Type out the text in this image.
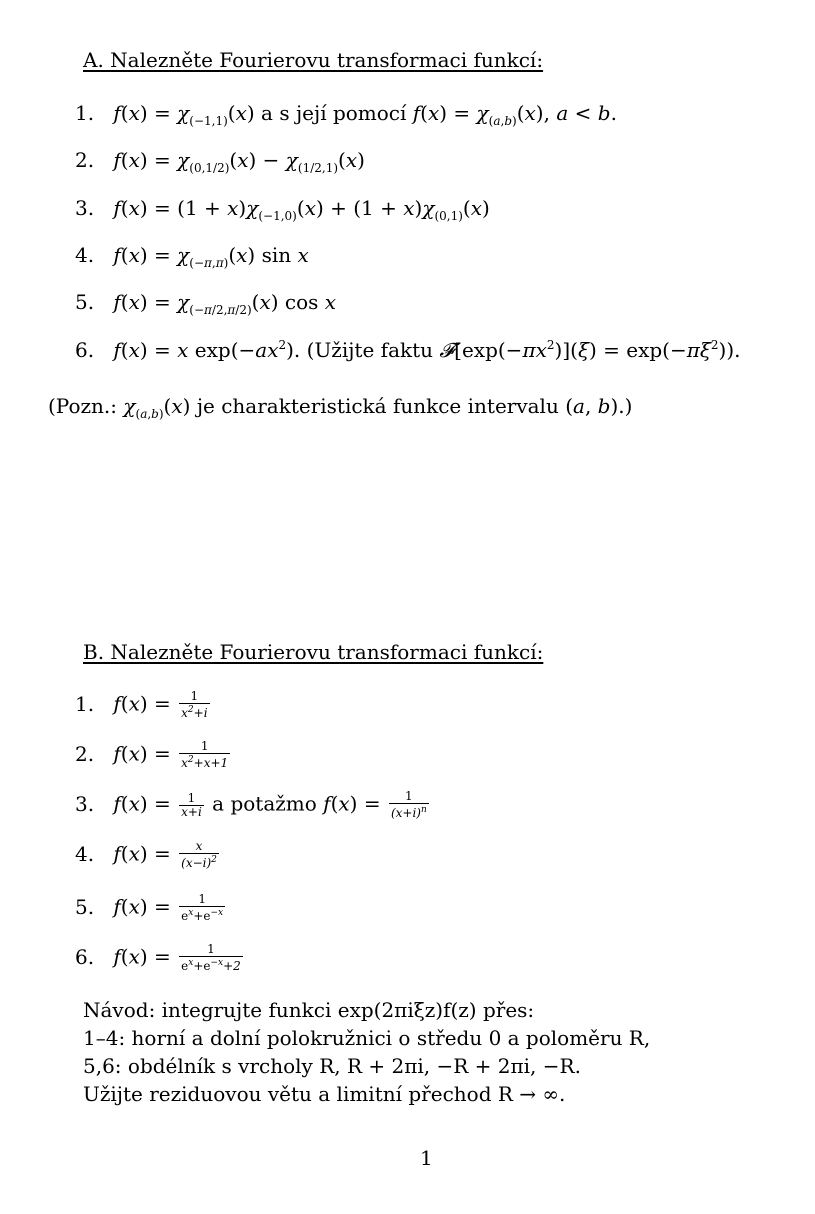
A. Nalezněte Fourierovu transformaci funkcí:
1. $f(x) = \chi_{(-1,1)}(x)$ a s její pomocí $f(x) = \chi_{(a,b)}(x)$, a < b.
2. $f(x) = \chi_{(0,1/2)}(x) - \chi_{(1/2,1)}(x)$
3. $f(x) = (1 + x)\chi_{(-1,0)}(x) + (1 + x)\chi_{(0,1)}(x)$
4. $f(x) = \chi_{(-\pi,\pi)}(x)$ sin x
5. $f(x) = \chi_{(-\pi/2,\pi/2)}(x)$ cos x
6. f(x) = x $\exp(-ax^2)$. (Užijte faktu $𝓕[\exp(-\pi x^2)](\xi) = \exp(-\pi\xi^2)$).
(Pozn.: $\chi_{(a,b)}(x)$ je charakteristická funkce intervalu (a, b).)
B. Nalezněte Fourierovu transformaci funkcí:
1. $f(x) = \frac{1}{x^2+i}$
2. $f(x) = \frac{1}{x^2+x+1}$
3. $f(x) = \frac{1}{x+i}$ a potažmo $f(x) = \frac{1}{(x+i)^n}$
4. $f(x) = \frac{x}{(x-i)^2}$
5. $f(x) = \frac{1}{e^x+e^{-x}}$
6. $f(x) = \frac{1}{e^x+e^{-x}+2}$
Návod: integrujte funkci exp(2πiξz)f(z) přes:
1–4: horní a dolní polokružnici o středu 0 a poloměru R,
5,6: obdélník s vrcholy R, R + 2πi, −R + 2πi, −R.
Užijte reziduovou větu a limitní přechod R → ∞.
1
